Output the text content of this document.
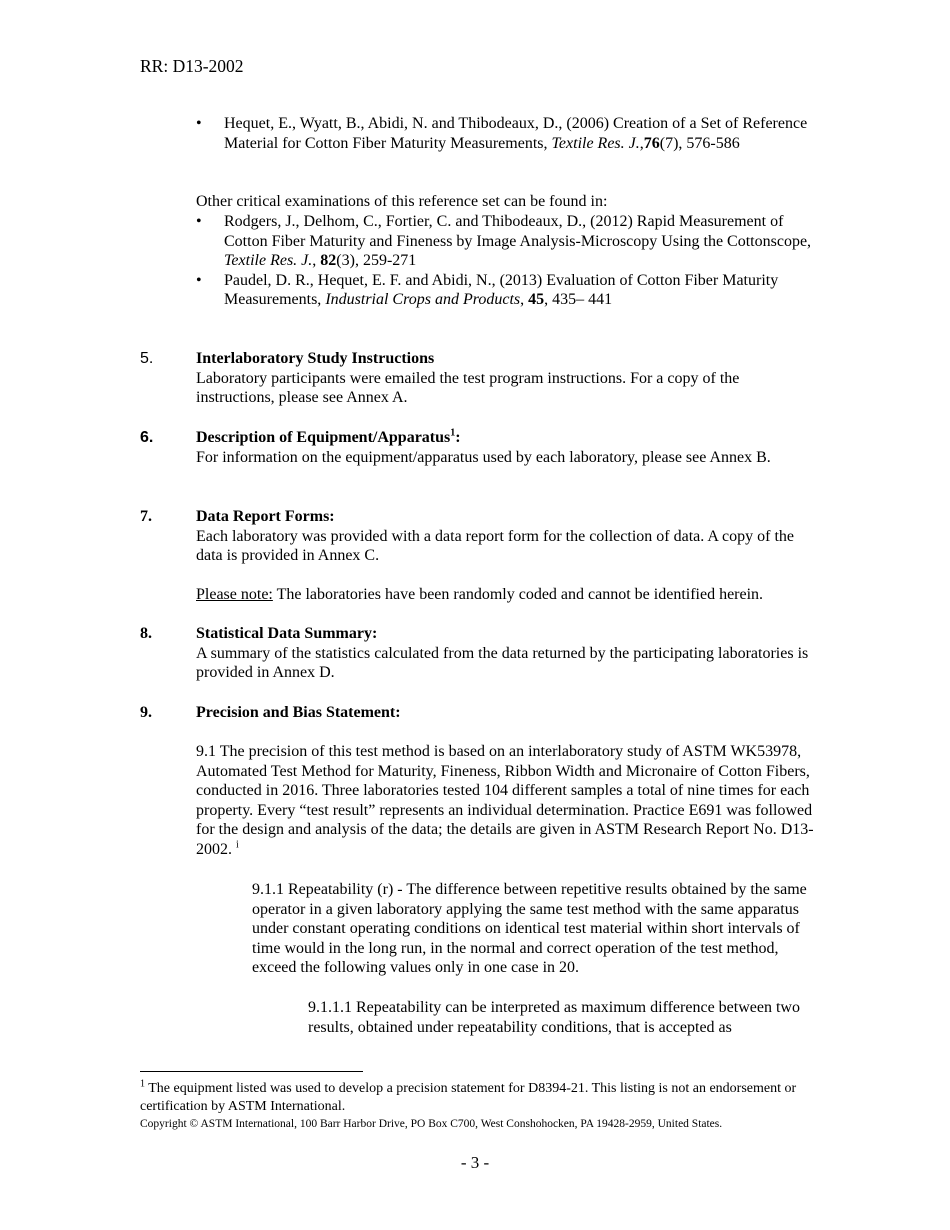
RR: D13-2002
• Hequet, E., Wyatt, B., Abidi, N. and Thibodeaux, D., (2006) Creation of a Set of Reference Material for Cotton Fiber Maturity Measurements, Textile Res. J.,76(7), 576-586
Other critical examinations of this reference set can be found in:
• Rodgers, J., Delhom, C., Fortier, C. and Thibodeaux, D., (2012) Rapid Measurement of Cotton Fiber Maturity and Fineness by Image Analysis-Microscopy Using the Cottonscope, Textile Res. J., 82(3), 259-271
• Paudel, D. R., Hequet, E. F. and Abidi, N., (2013) Evaluation of Cotton Fiber Maturity Measurements, Industrial Crops and Products, 45, 435– 441
5.	Interlaboratory Study Instructions
Laboratory participants were emailed the test program instructions. For a copy of the instructions, please see Annex A.
6.	Description of Equipment/Apparatus$^1$:
For information on the equipment/apparatus used by each laboratory, please see Annex B.
7.	Data Report Forms:
Each laboratory was provided with a data report form for the collection of data. A copy of the data is provided in Annex C.
Please note: The laboratories have been randomly coded and cannot be identified herein.
8.	Statistical Data Summary:
A summary of the statistics calculated from the data returned by the participating laboratories is provided in Annex D.
9.	Precision and Bias Statement:
9.1 The precision of this test method is based on an interlaboratory study of ASTM WK53978, Automated Test Method for Maturity, Fineness, Ribbon Width and Micronaire of Cotton Fibers, conducted in 2016. Three laboratories tested 104 different samples a total of nine times for each property. Every “test result” represents an individual determination. Practice E691 was followed for the design and analysis of the data; the details are given in ASTM Research Report No. D13-2002. $^i$
9.1.1 Repeatability (r) - The difference between repetitive results obtained by the same operator in a given laboratory applying the same test method with the same apparatus under constant operating conditions on identical test material within short intervals of time would in the long run, in the normal and correct operation of the test method, exceed the following values only in one case in 20.
9.1.1.1 Repeatability can be interpreted as maximum difference between two results, obtained under repeatability conditions, that is accepted as
$^1$ The equipment listed was used to develop a precision statement for D8394-21. This listing is not an endorsement or certification by ASTM International.
Copyright © ASTM International, 100 Barr Harbor Drive, PO Box C700, West Conshohocken, PA 19428-2959, United States.
- 3 -
